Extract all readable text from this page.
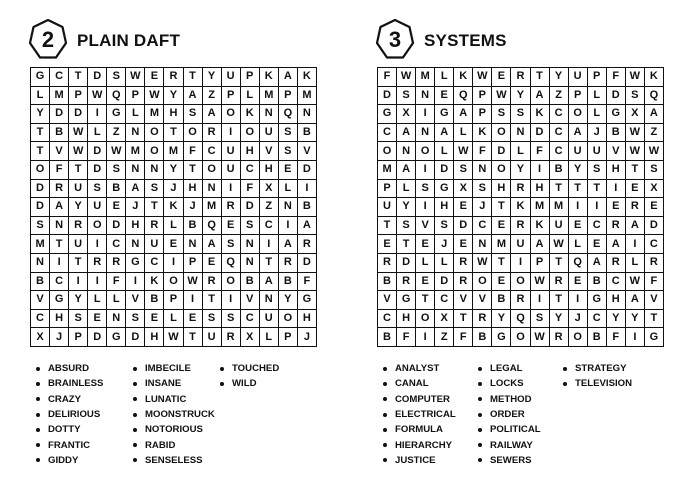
2	PLAIN DAFT
G C	T	D	S W E	R	T	Y	U	P	K	A	K
L	M P W Q	P W Y	A	Z	P	L	M P M
Y	D	D	I	G	L	M H	S	A O K	N Q N
T	B W L	Z	N O	T	O R	I	O U	S	B
T	V W D W M O M	F	C	U	H	V	S	V
O	F	T	D	S	N	N	Y	T	O U	C	H	E	D
D	R	U	S	B	A	S	J	H	N	I	F	X	L	I
D	A	Y	U	E	J	T	K	J	M R	D	Z	N	B
S	N	R O D	H	R	L	B Q	E	S	C	I	A
M	T	U	I	C	N	U	E	N	A	S	N	I	A	R
N	I	T	R	R G C	I	P	E	Q N	T	R	D
B	C	I	I	F	I	K O W R O B	A	B	F
V	G	Y	L	L	V	B	P	I	T	I	V	N	Y	G
C	H	S	E	N	S	E	L	E	S	S	C	U O H
X	J	P	D G D	H W T	U	R	X	L	P	J
ABSURD
BRAINLESS
CRAZY
DELIRIOUS
DOTTY
FRANTIC
GIDDY
IMBECILE
INSANE
LUNATIC
MOONSTRUCK
NOTORIOUS
RABID
SENSELESS
TOUCHED
WILD
3	SYSTEMS
F W M	L	K W E	R	T	Y	U	P	F W K
D	S	N	E	Q	P W Y	A	Z	P	L	D	S	Q
G	X	I	G A	P	S	S	K	C O	L	G	X	A
C	A	N	A	L	K O N	D	C	A	J	B W Z
O N O	L W F	D	L	F	C	U	U	V W W
M A	I	D	S	N O	Y	I	B	Y	S	H	T	S
P	L	S	G	X	S	H	R	H	T	T	T	I	E	X
U	Y	I	H	E	J	T	K M M	I	I	E	R	E
T	S	V	S	D	C	E	R	K	U	E	C	R	A	D
E	T	E	J	E	N M U	A W L	E	A	I	C
R	D	L	L	R W T	I	P	T	Q A	R	L	R
B	R	E	D	R O	E	O W R	E	B	C W F
V	G	T	C	V	V	B	R	I	T	I	G H	A	V
C	H O	X	T	R	Y	Q	S	Y	J	C	Y	Y	T
B	F	I	Z	F	B G O W R O B	F	I	G
ANALYST
CANAL
COMPUTER
ELECTRICAL
FORMULA
HIERARCHY
JUSTICE
LEGAL
LOCKS
METHOD
ORDER
POLITICAL
RAILWAY
SEWERS
STRATEGY
TELEVISION
